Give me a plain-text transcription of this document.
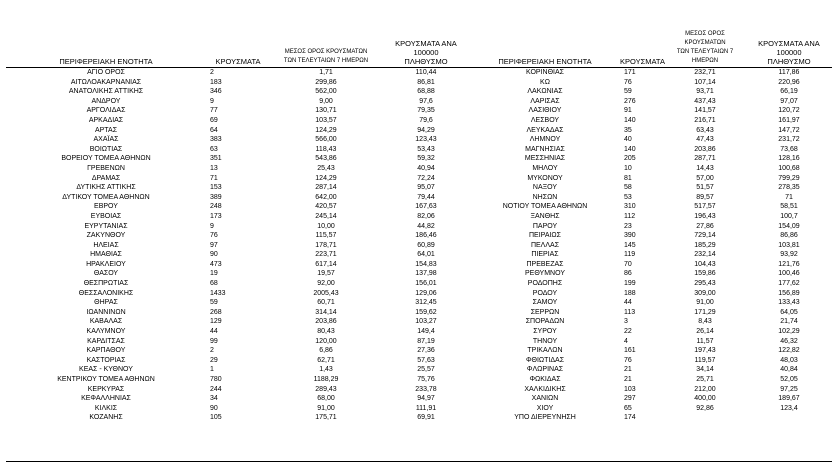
ΠΕΡΙΦΕΡΕΙΑΚΗ ΕΝΟΤΗΤΑ	ΚΡΟΥΣΜΑΤΑ	ΜΕΣΟΣ ΟΡΟΣ ΚΡΟΥΣΜΑΤΩΝ
ΤΩΝ ΤΕΛΕΥΤΑΙΩΝ 7 ΗΜΕΡΩΝ	ΚΡΟΥΣΜΑΤΑ ΑΝΑ 100000
ΠΛΗΘΥΣΜΟ	ΠΕΡΙΦΕΡΕΙΑΚΗ ΕΝΟΤΗΤΑ	ΚΡΟΥΣΜΑΤΑ	ΜΕΣΟΣ ΟΡΟΣ ΚΡΟΥΣΜΑΤΩΝ
ΤΩΝ ΤΕΛΕΥΤΑΙΩΝ 7 ΗΜΕΡΩΝ	ΚΡΟΥΣΜΑΤΑ ΑΝΑ 100000
ΠΛΗΘΥΣΜΟ
ΑΓΙΟ ΟΡΟΣ	2	1,71	110,44	ΚΟΡΙΝΘΙΑΣ	171	232,71	117,86
ΑΙΤΩΛΟΑΚΑΡΝΑΝΙΑΣ	183	299,86	86,81	ΚΩ	76	107,14	220,96
ΑΝΑΤΟΛΙΚΗΣ ΑΤΤΙΚΗΣ	346	562,00	68,88	ΛΑΚΩΝΙΑΣ	59	93,71	66,19
ΑΝΔΡΟΥ	9	9,00	97,6	ΛΑΡΙΣΑΣ	276	437,43	97,07
ΑΡΓΟΛΙΔΑΣ	77	130,71	79,35	ΛΑΣΙΘΙΟΥ	91	141,57	120,72
ΑΡΚΑΔΙΑΣ	69	103,57	79,6	ΛΕΣΒΟΥ	140	216,71	161,97
ΑΡΤΑΣ	64	124,29	94,29	ΛΕΥΚΑΔΑΣ	35	63,43	147,72
ΑΧΑΪΑΣ	383	566,00	123,43	ΛΗΜΝΟΥ	40	47,43	231,72
ΒΟΙΩΤΙΑΣ	63	118,43	53,43	ΜΑΓΝΗΣΙΑΣ	140	203,86	73,68
ΒΟΡΕΙΟΥ ΤΟΜΕΑ ΑΘΗΝΩΝ	351	543,86	59,32	ΜΕΣΣΗΝΙΑΣ	205	287,71	128,16
ΓΡΕΒΕΝΩΝ	13	25,43	40,94	ΜΗΛΟΥ	10	14,43	100,68
ΔΡΑΜΑΣ	71	124,29	72,24	ΜΥΚΟΝΟΥ	81	57,00	799,29
ΔΥΤΙΚΗΣ ΑΤΤΙΚΗΣ	153	287,14	95,07	ΝΑΞΟΥ	58	51,57	278,35
ΔΥΤΙΚΟΥ ΤΟΜΕΑ ΑΘΗΝΩΝ	389	642,00	79,44	ΝΗΣΩΝ	53	89,57	71
ΕΒΡΟΥ	248	420,57	167,63	ΝΟΤΙΟΥ ΤΟΜΕΑ ΑΘΗΝΩΝ	310	517,57	58,51
ΕΥΒΟΙΑΣ	173	245,14	82,06	ΞΑΝΘΗΣ	112	196,43	100,7
ΕΥΡΥΤΑΝΙΑΣ	9	10,00	44,82	ΠΑΡΟΥ	23	27,86	154,09
ΖΑΚΥΝΘΟΥ	76	115,57	186,46	ΠΕΙΡΑΙΩΣ	390	729,14	86,86
ΗΛΕΙΑΣ	97	178,71	60,89	ΠΕΛΛΑΣ	145	185,29	103,81
ΗΜΑΘΙΑΣ	90	223,71	64,01	ΠΙΕΡΙΑΣ	119	232,14	93,92
ΗΡΑΚΛΕΙΟΥ	473	617,14	154,83	ΠΡΕΒΕΖΑΣ	70	104,43	121,76
ΘΑΣΟΥ	19	19,57	137,98	ΡΕΘΥΜΝΟΥ	86	159,86	100,46
ΘΕΣΠΡΩΤΙΑΣ	68	92,00	156,01	ΡΟΔΟΠΗΣ	199	295,43	177,62
ΘΕΣΣΑΛΟΝΙΚΗΣ	1433	2005,43	129,06	ΡΟΔΟΥ	188	309,00	156,89
ΘΗΡΑΣ	59	60,71	312,45	ΣΑΜΟΥ	44	91,00	133,43
ΙΩΑΝΝΙΝΩΝ	268	314,14	159,62	ΣΕΡΡΩΝ	113	171,29	64,05
ΚΑΒΑΛΑΣ	129	203,86	103,27	ΣΠΟΡΑΔΩΝ	3	8,43	21,74
ΚΑΛΥΜΝΟΥ	44	80,43	149,4	ΣΥΡΟΥ	22	26,14	102,29
ΚΑΡΔΙΤΣΑΣ	99	120,00	87,19	ΤΗΝΟΥ	4	11,57	46,32
ΚΑΡΠΑΘΟΥ	2	6,86	27,36	ΤΡΙΚΑΛΩΝ	161	197,43	122,82
ΚΑΣΤΟΡΙΑΣ	29	62,71	57,63	ΦΘΙΩΤΙΔΑΣ	76	119,57	48,03
ΚΕΑΣ - ΚΥΘΝΟΥ	1	1,43	25,57	ΦΛΩΡΙΝΑΣ	21	34,14	40,84
ΚΕΝΤΡΙΚΟΥ ΤΟΜΕΑ ΑΘΗΝΩΝ	780	1188,29	75,76	ΦΩΚΙΔΑΣ	21	25,71	52,05
ΚΕΡΚΥΡΑΣ	244	289,43	233,78	ΧΑΛΚΙΔΙΚΗΣ	103	212,00	97,25
ΚΕΦΑΛΛΗΝΙΑΣ	34	68,00	94,97	ΧΑΝΙΩΝ	297	400,00	189,67
ΚΙΛΚΙΣ	90	91,00	111,91	ΧΙΟΥ	65	92,86	123,4
ΚΟΖΑΝΗΣ	105	175,71	69,91	ΥΠΟ ΔΙΕΡΕΥΝΗΣΗ	174		
